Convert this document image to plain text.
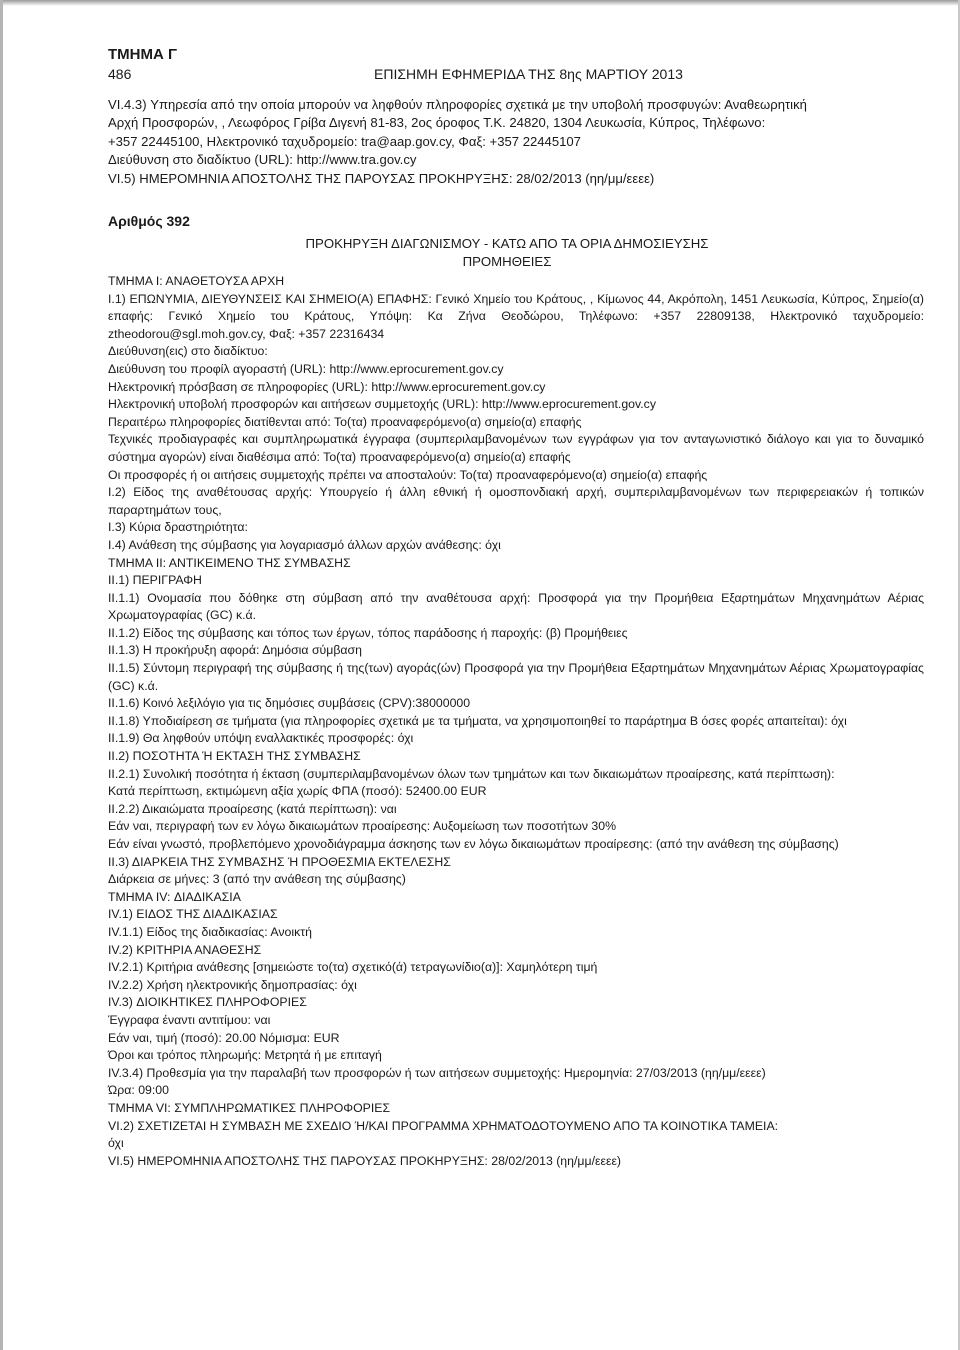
ΤΜΗΜΑ Γ
486	ΕΠΙΣΗΜΗ ΕΦΗΜΕΡΙΔΑ ΤΗΣ 8ης ΜΑΡΤΙΟΥ 2013

VI.4.3) Υπηρεσία από την οποία μπορούν να ληφθούν πληροφορίες σχετικά με την υποβολή προσφυγών: Αναθεωρητική

Αρχή Προσφορών, , Λεωφόρος Γρίβα Διγενή 81-83, 2ος όροφος Τ.Κ. 24820, 1304 Λευκωσία, Κύπρος, Τηλέφωνο:

+357 22445100, Ηλεκτρονικό ταχυδρομείο: tra@aap.gov.cy, Φαξ: +357 22445107

Διεύθυνση στο διαδίκτυο (URL): http://www.tra.gov.cy

VI.5) ΗΜΕΡΟΜΗΝΙΑ ΑΠΟΣΤΟΛΗΣ ΤΗΣ ΠΑΡΟΥΣΑΣ ΠΡΟΚΗΡΥΞΗΣ: 28/02/2013 (ηη/μμ/εεεε)

Αριθμός 392
ΠΡΟΚΗΡΥΞΗ ΔΙΑΓΩΝΙΣΜΟΥ - ΚΑΤΩ ΑΠΟ ΤΑ ΟΡΙΑ ΔΗΜΟΣΙΕΥΣΗΣ
ΠΡΟΜΗΘΕΙΕΣ

ΤΜΗΜΑ Ι: ΑΝΑΘΕΤΟΥΣΑ ΑΡΧΗ

Ι.1) ΕΠΩΝΥΜΙΑ, ΔΙΕΥΘΥΝΣΕΙΣ ΚΑΙ ΣΗΜΕΙΟ(Α) ΕΠΑΦΗΣ: Γενικό Χημείο του Κράτους, , Κίμωνος 44, Ακρόπολη, 1451 Λευκωσία, Κύπρος, Σημείο(α) επαφής: Γενικό Χημείο του Κράτους, Υπόψη: Κα Ζήνα Θεοδώρου, Τηλέφωνο: +357 22809138, Ηλεκτρονικό ταχυδρομείο: ztheodorou@sgl.moh.gov.cy, Φαξ: +357 22316434

Διεύθυνση(εις) στο διαδίκτυο:

Διεύθυνση του προφίλ αγοραστή (URL): http://www.eprocurement.gov.cy

Ηλεκτρονική πρόσβαση σε πληροφορίες (URL): http://www.eprocurement.gov.cy

Ηλεκτρονική υποβολή προσφορών και αιτήσεων συμμετοχής (URL): http://www.eprocurement.gov.cy

Περαιτέρω πληροφορίες διατίθενται από: Το(τα) προαναφερόμενο(α) σημείο(α) επαφής

Τεχνικές προδιαγραφές και συμπληρωματικά έγγραφα (συμπεριλαμβανομένων των εγγράφων για τον ανταγωνιστικό διάλογο και για το δυναμικό σύστημα αγορών) είναι διαθέσιμα από: Το(τα) προαναφερόμενο(α) σημείο(α) επαφής

Οι προσφορές ή οι αιτήσεις συμμετοχής πρέπει να αποσταλούν: Το(τα) προαναφερόμενο(α) σημείο(α) επαφής

Ι.2) Είδος της αναθέτουσας αρχής: Υπουργείο ή άλλη εθνική ή ομοσπονδιακή αρχή, συμπεριλαμβανομένων των περιφερειακών ή τοπικών παραρτημάτων τους,

Ι.3) Κύρια δραστηριότητα:

Ι.4) Ανάθεση της σύμβασης για λογαριασμό άλλων αρχών ανάθεσης: όχι

ΤΜΗΜΑ ΙΙ: ΑΝΤΙΚΕΙΜΕΝΟ ΤΗΣ ΣΥΜΒΑΣΗΣ

ΙΙ.1) ΠΕΡΙΓΡΑΦΗ

ΙΙ.1.1) Ονομασία που δόθηκε στη σύμβαση από την αναθέτουσα αρχή: Προσφορά για την Προμήθεια Εξαρτημάτων Μηχανημάτων Αέριας Χρωματογραφίας (GC) κ.ά.

ΙΙ.1.2) Είδος της σύμβασης και τόπος των έργων, τόπος παράδοσης ή παροχής: (β) Προμήθειες

ΙΙ.1.3) Η προκήρυξη αφορά: Δημόσια σύμβαση

ΙΙ.1.5) Σύντομη περιγραφή της σύμβασης ή της(των) αγοράς(ών) Προσφορά για την Προμήθεια Εξαρτημάτων Μηχανημάτων Αέριας Χρωματογραφίας (GC) κ.ά.

ΙΙ.1.6) Κοινό λεξιλόγιο για τις δημόσιες συμβάσεις (CPV):38000000

ΙΙ.1.8) Υποδιαίρεση σε τμήματα (για πληροφορίες σχετικά με τα τμήματα, να χρησιμοποιηθεί το παράρτημα Β όσες φορές απαιτείται): όχι

ΙΙ.1.9) Θα ληφθούν υπόψη εναλλακτικές προσφορές: όχι

ΙΙ.2) ΠΟΣΟΤΗΤΑ Ή ΕΚΤΑΣΗ ΤΗΣ ΣΥΜΒΑΣΗΣ

ΙΙ.2.1) Συνολική ποσότητα ή έκταση (συμπεριλαμβανομένων όλων των τμημάτων και των δικαιωμάτων προαίρεσης, κατά περίπτωση):

Κατά περίπτωση, εκτιμώμενη αξία χωρίς ΦΠΑ (ποσό): 52400.00 EUR

ΙΙ.2.2) Δικαιώματα προαίρεσης (κατά περίπτωση): ναι

Εάν ναι, περιγραφή των εν λόγω δικαιωμάτων προαίρεσης: Αυξομείωση των ποσοτήτων 30%

Εάν είναι γνωστό, προβλεπόμενο χρονοδιάγραμμα άσκησης των εν λόγω δικαιωμάτων προαίρεσης: (από την ανάθεση της σύμβασης)

ΙΙ.3) ΔΙΑΡΚΕΙΑ ΤΗΣ ΣΥΜΒΑΣΗΣ Ή ΠΡΟΘΕΣΜΙΑ ΕΚΤΕΛΕΣΗΣ

Διάρκεια σε μήνες: 3 (από την ανάθεση της σύμβασης)

ΤΜΗΜΑ IV: ΔΙΑΔΙΚΑΣΙΑ

IV.1) ΕΙΔΟΣ ΤΗΣ ΔΙΑΔΙΚΑΣΙΑΣ

IV.1.1) Είδος της διαδικασίας: Ανοικτή

IV.2) ΚΡΙΤΗΡΙΑ ΑΝΑΘΕΣΗΣ

IV.2.1) Κριτήρια ανάθεσης [σημειώστε το(τα) σχετικό(ά) τετραγωνίδιο(α)]: Χαμηλότερη τιμή

IV.2.2) Χρήση ηλεκτρονικής δημοπρασίας: όχι

IV.3) ΔΙΟΙΚΗΤΙΚΕΣ ΠΛΗΡΟΦΟΡΙΕΣ

Έγγραφα έναντι αντιτίμου: ναι

Εάν ναι, τιμή (ποσό): 20.00 Νόμισμα: EUR

Όροι και τρόπος πληρωμής: Μετρητά ή με επιταγή

IV.3.4) Προθεσμία για την παραλαβή των προσφορών ή των αιτήσεων συμμετοχής: Ημερομηνία: 27/03/2013 (ηη/μμ/εεεε)

Ώρα: 09:00

ΤΜΗΜΑ VI: ΣΥΜΠΛΗΡΩΜΑΤΙΚΕΣ ΠΛΗΡΟΦΟΡΙΕΣ

VI.2) ΣΧΕΤΙΖΕΤΑΙ Η ΣΥΜΒΑΣΗ ΜΕ ΣΧΕΔΙΟ Ή/ΚΑΙ ΠΡΟΓΡΑΜΜΑ ΧΡΗΜΑΤΟΔΟΤΟΥΜΕΝΟ ΑΠΟ ΤΑ ΚΟΙΝΟΤΙΚΑ ΤΑΜΕΙΑ:

όχι

VI.5) ΗΜΕΡΟΜΗΝΙΑ ΑΠΟΣΤΟΛΗΣ ΤΗΣ ΠΑΡΟΥΣΑΣ ΠΡΟΚΗΡΥΞΗΣ: 28/02/2013 (ηη/μμ/εεεε)
